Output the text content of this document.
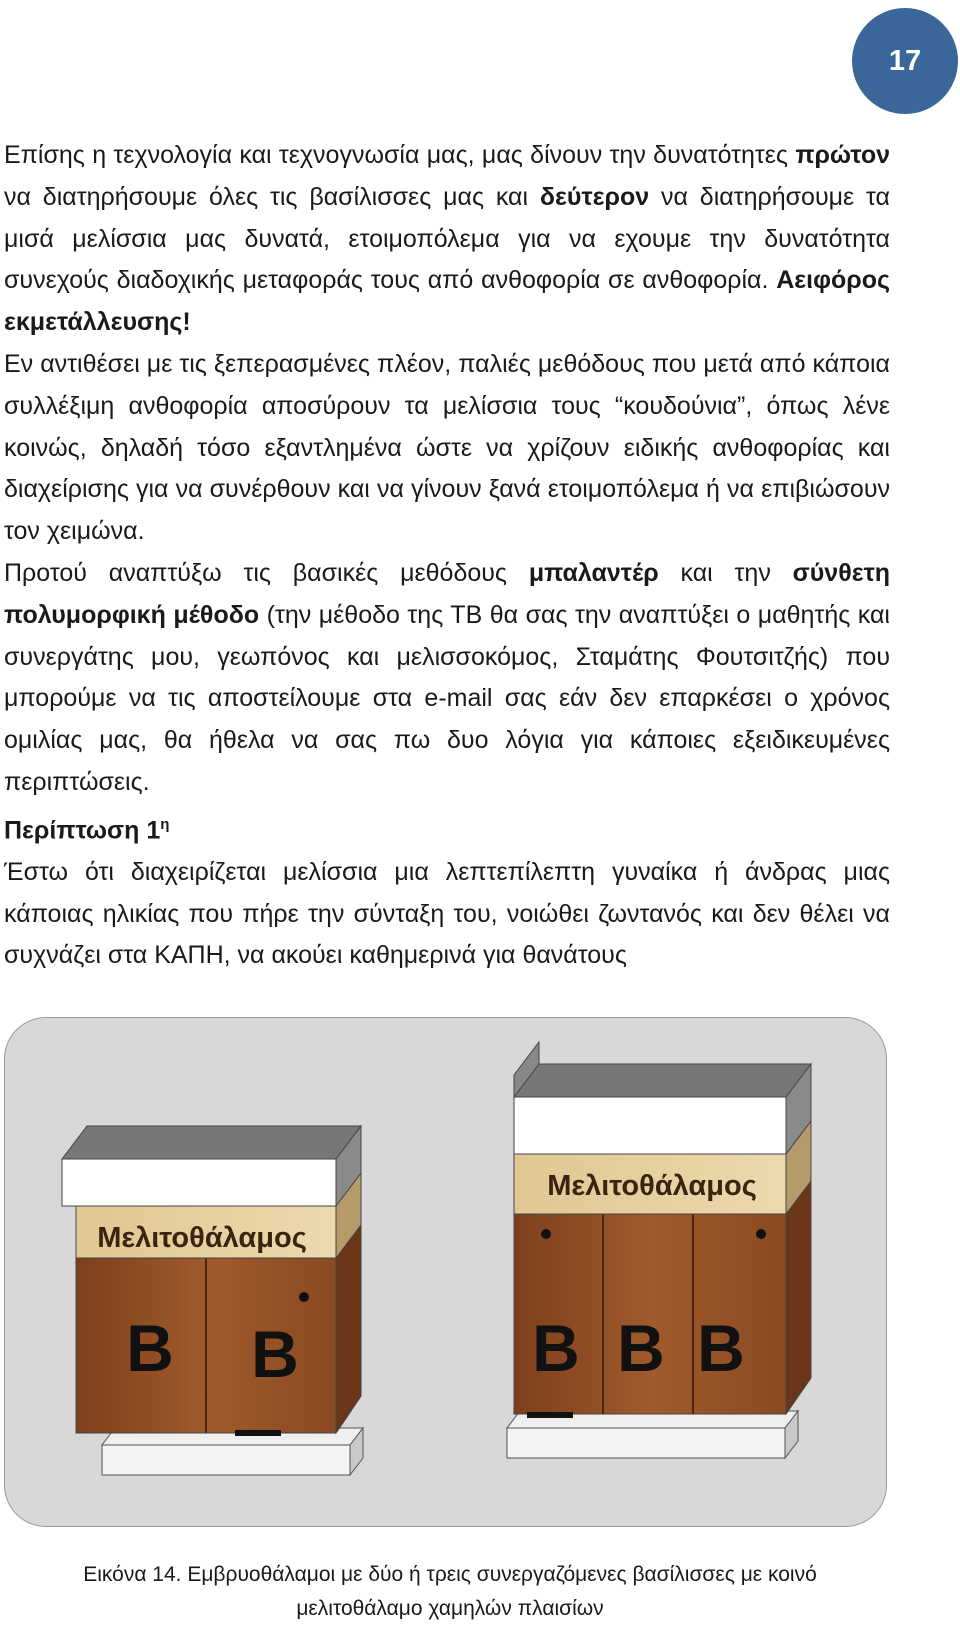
17

Επίσης η τεχνολογία και τεχνογνωσία μας, μας δίνουν την δυνατότητες πρώτον να διατηρήσουμε όλες τις βασίλισσες μας και δεύτερον να διατηρήσουμε τα μισά μελίσσια μας δυνατά, ετοιμοπόλεμα για να εχουμε την δυνατότητα συνεχούς διαδοχικής μεταφοράς τους από ανθοφορία σε ανθοφορία. Αειφόρος εκμετάλλευσης!

Εν αντιθέσει με τις ξεπερασμένες πλέον, παλιές μεθόδους που μετά από κάποια συλλέξιμη ανθοφορία αποσύρουν τα μελίσσια τους “κουδούνια”, όπως λένε κοινώς, δηλαδή τόσο εξαντλημένα ώστε να χρίζουν ειδικής ανθοφορίας και διαχείρισης για να συνέρθουν και να γίνουν ξανά ετοιμοπόλεμα ή να επιβιώσουν τον χειμώνα.

Προτού αναπτύξω τις βασικές μεθόδους μπαλαντέρ και την σύνθετη πολυμορφική μέθοδο (την μέθοδο της ΤΒ θα σας την αναπτύξει ο μαθητής και συνεργάτης μου, γεωπόνος και μελισσοκόμος, Σταμάτης Φουτσιτζής) που μπορούμε να τις αποστείλουμε στα e-mail σας εάν δεν επαρκέσει ο χρόνος ομιλίας μας, θα ήθελα να σας πω δυο λόγια για κάποιες εξειδικευμένες περιπτώσεις.

Περίπτωση $1^\eta$

Έστω ότι διαχειρίζεται μελίσσια μια λεπτεπίλεπτη γυναίκα ή άνδρας μιας κάποιας ηλικίας που πήρε την σύνταξη του, νοιώθει ζωντανός και δεν θέλει να συχνάζει στα ΚΑΠΗ, να ακούει καθημερινά για θανάτους

Μελιτοθάλαμος
B B
Μελιτοθάλαμος
B B B
Εικόνα 14. Εμβρυοθάλαμοι με δύο ή τρεις συνεργαζόμενες βασίλισσες με κοινό
μελιτοθάλαμο χαμηλών πλαισίων
